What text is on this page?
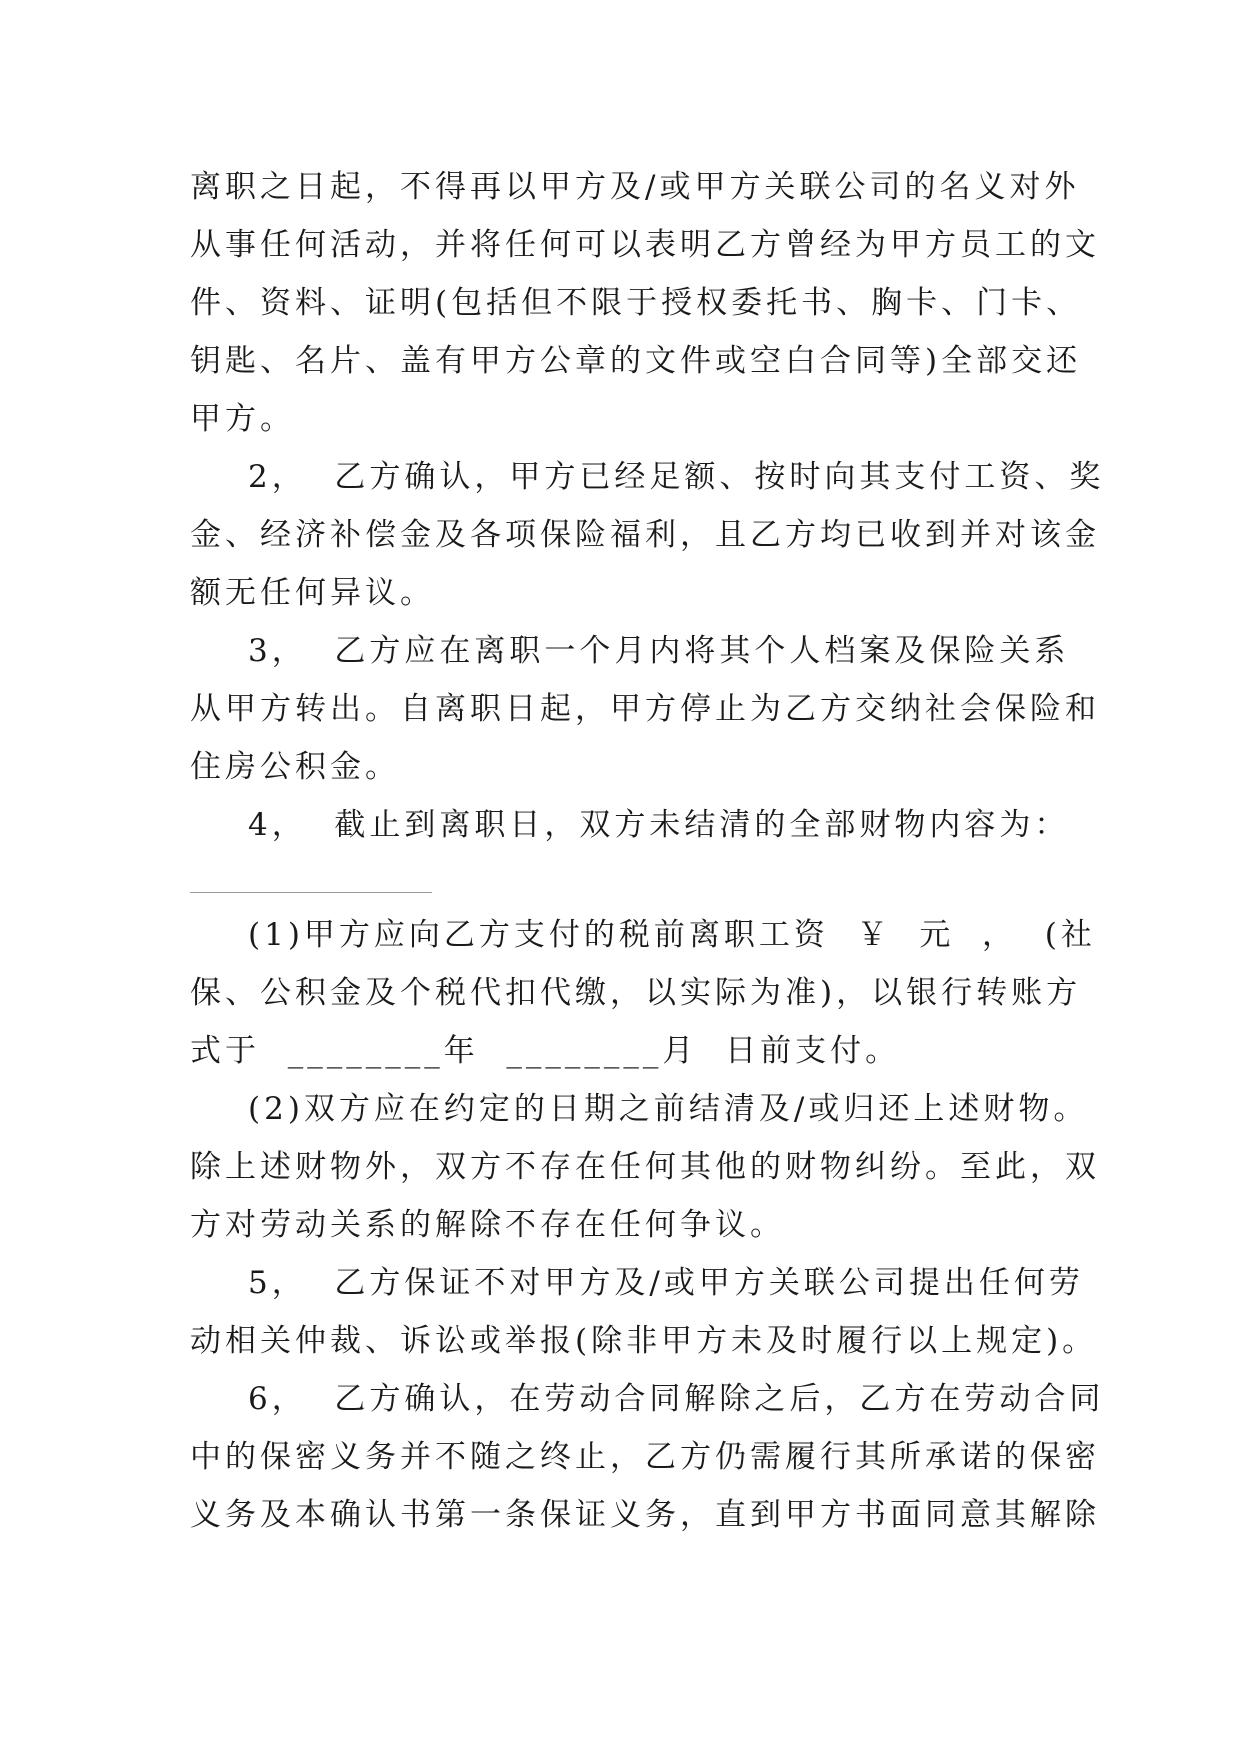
离职之日起，不得再以甲方及/或甲方关联公司的名义对外
从事任何活动，并将任何可以表明乙方曾经为甲方员工的文
件、资料、证明(包括但不限于授权委托书、胸卡、门卡、
钥匙、名片、盖有甲方公章的文件或空白合同等)全部交还
甲方。
2，  乙方确认，甲方已经足额、按时向其支付工资、奖
金、经济补偿金及各项保险福利，且乙方均已收到并对该金
额无任何异议。
3，  乙方应在离职一个月内将其个人档案及保险关系
从甲方转出。自离职日起，甲方停止为乙方交纳社会保险和
住房公积金。
4，  截止到离职日，双方未结清的全部财物内容为：
(1)甲方应向乙方支付的税前离职工资  ￥  元  ，  (社
保、公积金及个税代扣代缴，以实际为准)，以银行转账方
式于  ________年  ________月  日前支付。
(2)双方应在约定的日期之前结清及/或归还上述财物。
除上述财物外，双方不存在任何其他的财物纠纷。至此，双
方对劳动关系的解除不存在任何争议。
5，  乙方保证不对甲方及/或甲方关联公司提出任何劳
动相关仲裁、诉讼或举报(除非甲方未及时履行以上规定)。
6，  乙方确认，在劳动合同解除之后，乙方在劳动合同
中的保密义务并不随之终止，乙方仍需履行其所承诺的保密
义务及本确认书第一条保证义务，直到甲方书面同意其解除
